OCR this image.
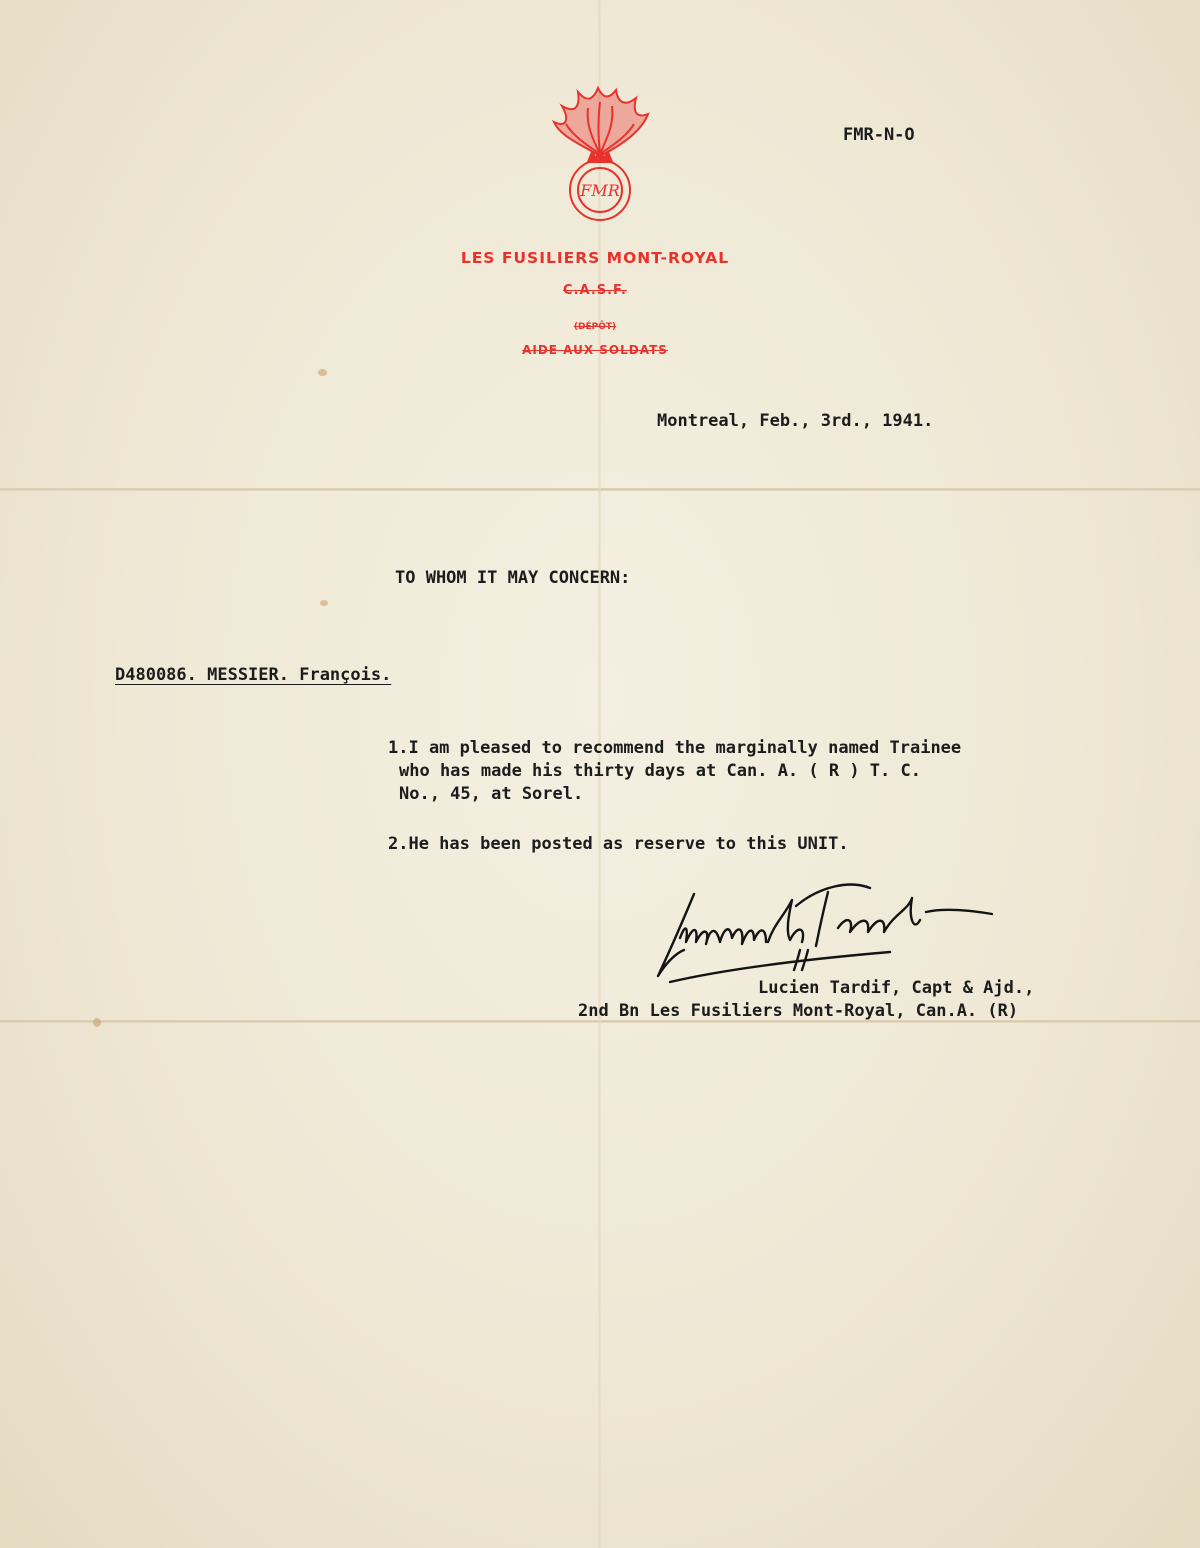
FMR
LES FUSILIERS MONT-ROYAL
C.A.S.F.
(DÉPÔT)
AIDE AUX SOLDATS
FMR-N-O
Montreal, Feb., 3rd., 1941.
TO WHOM IT MAY CONCERN:
D480086. MESSIER. François.
1.I am pleased to recommend the marginally named Trainee
who has made his thirty days at Can. A. ( R ) T. C.
No., 45, at Sorel.
2.He has been posted as reserve to this UNIT.
Lucien Tardif, Capt & Ajd.,
2nd Bn Les Fusiliers Mont-Royal, Can.A. (R)
